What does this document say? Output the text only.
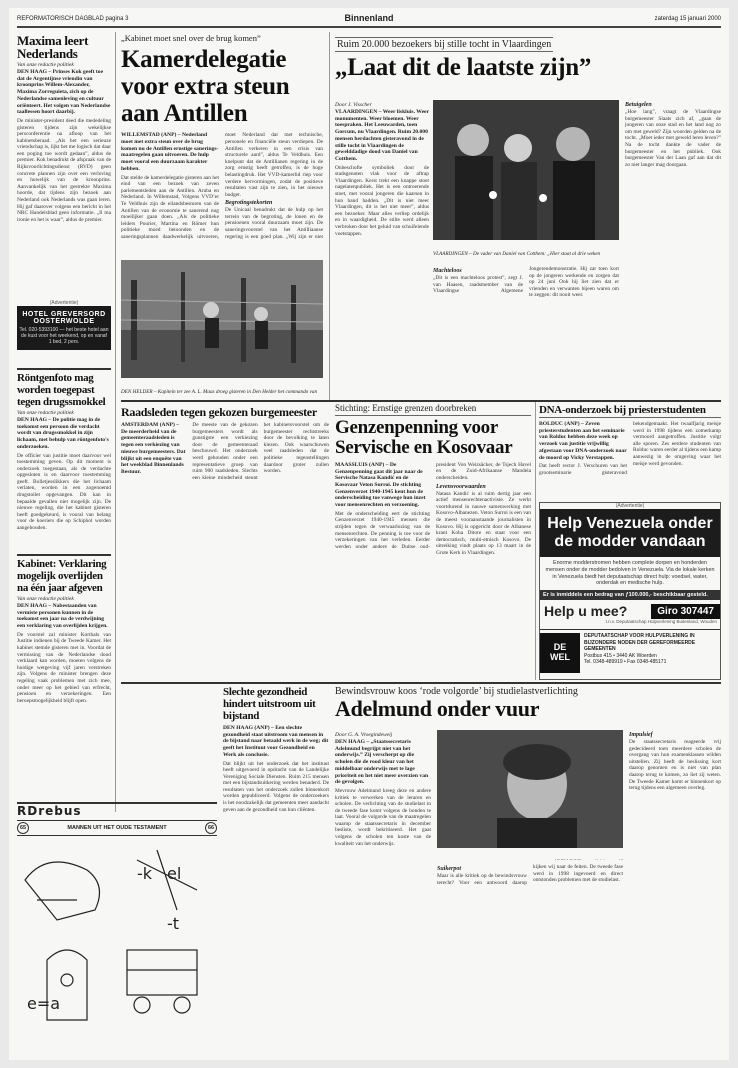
REFORMATORISCH DAGBLAD pagina 3	Binnenland	zaterdag 15 januari 2000
Maxima leert Nederlands
Van onze redactie politiek
DEN HAAG – Prinses Kok geeft toe dat de Argentijnse vriendin van kroonprins Willem-Alexander, Maxima Zorreguieta, zich op de Nederlandse samenleving en cultuur oriënteert. Het volgen van Nederlandse taallessen hoort daarbij.
De minister-president deed die mededeling gisteren tijdens zijn wekelijkse persconferentie na afloop van het kabinetsberaad. „Als het een serieuze vriendschap is, lijkt het me logisch dat daar een poging toe wordt gedaan”, aldus de premier. Kok benadrukt de afspraak van de Rijksvoorlichtingsdienst (RVD) geen concrete plannen zijn over een verloving en huwelijk van de kroonprins. Aanvankelijk van het gestrekte Maxima hoorde, dat tijdens zijn bezoek aan Nederland ook Nederlands was gaan leren. Hij gaf daarover volgens een bericht in het NRC Handelsblad geen informatie. „Il ma ironie en het is waar”, aldus de premier.
(Advertentie)
HOTEL GREVERSORD OOSTERWOLDE
Tel. 020-5393100 — het beste hotel aan de kust voor het weekend, op en vanaf 1 bed, 2 pers.
Röntgenfoto mag worden toegepast tegen drugssmokkel
Van onze redactie politiek
DEN HAAG – De politie mag in de toekomst een persoon die verdacht wordt van drugssmokkel in zijn lichaam, met behulp van röntgenfoto's onderzoeken.
De officier van justitie moet daarvoor wel toestemming geven. Op dit moment is onderzoek toegestaan, als de verdachte opgesloten is en daarvoor toestemming geeft. Bolletjesslikkers die het lichaam verlaten, worden in een zogenoemd drugstoilet opgevangen. Dit kan in bepaalde gevallen niet mogelijk zijn. De nieuwe regeling, die het kabinet gisteren heeft goedgekeurd, is vooral van belang voor de koeriers die op Schiphol worden aangehouden.
Kabinet: Verklaring mogelijk overlijden na één jaar afgeven
Van onze redactie politiek
DEN HAAG – Nabestaanden van vermiste personen kunnen in de toekomst een jaar na de verdwijning een verklaring van overlijden krijgen.
De voorstel zal minister Korthals van Justitie indienen bij de Tweede Kamer. Het kabinet stemde gisteren met in. Voordat de vermissing van de Nederlandse dood verklaard kan worden, moeten volgens de huidige wetgeving vijf jaren verstreken zijn. Volgens de minister brengen deze regeling vaak problemen met zich mee, onder meer op het gebied van erfrecht, pensioen en verzekeringen. Een beroepsmogelijkheid blijft open.
„Kabinet moet snel over de brug komen”
Kamerdelegatie voor extra steun aan Antillen
WILLEMSTAD (ANP) – Nederland moet met extra steun over de brug komen nu de Antillen ernstige saneringsmaatregelen gaan uitvoeren. De hulp moet vooral een duurzaam karakter hebben.
Dat stelde de kamerdelegatie gisteren aan het eind van een bezoek van zeven parlementsleden aan de Antillen. Aruba en Nederland. In Willemstad, Volgens VVD’er Te Veldhuis zijn de eilandsbesturen van de Antillen van de economie te sanerend nog moeilijker gaan doen. „Als de politieke leiders Pourier, Martina en Römer hun politieke moed betoonden en de saneringsplannen daadwerkelijk uitvoeren, moet Nederland dat met technische, personele en financiële steun verdiepen. De Antillen verkeren in een crisis van structurele aard”, aldus Te Veldhuis. Een knelpunt dat de Antillianen regering in de zorg ernstig heeft getroffen, is de hoge belastingdruk. Het VVD-kamerlid riep voor verdere hervormingen, zodat de positieve resultaten vast zijn te zien, in het nieuwe budget.
Begrotingstekorten
De Unicaal benadrukt dat de hulp op het terrein van de begroting, de lonen en de pensioenen vooral duurzaam moet zijn. De saneringsvoorstel van het Antilliaanse regering is een goed plan. „Wij zijn er niet
DEN HELDER – Kapitein ter zee A. L. Maas droeg gisteren in Den Helder het commando van
Ruim 20.000 bezoekers bij stille tocht in Vlaardingen
„Laat dit de laatste zijn”
Door J. Visscher
VLAARDINGEN – Weer liskluis. Weer monumenten. Weer bloemen. Weer toespraken. Het Leeuwarden, toen Gorcum, nu Vlaardingen. Ruim 20.000 mensen herdachten gisteravond in de stille tocht in Vlaardingen de gewelddadige dood van Daniel van Cotthem.
Onbeschofte symboliek door de stadsgenoten vlak voor de aftrap Vlaardingen. Kerst trekt een knappe stoet nagelatenpubliek. Het is een ontroerende stoet, met vooral jongeren die kaarsen in hun hand hadden. „Dit is niet meer Vlaardingen, dit is het niet meer”, aldus een bezoeker. Maar alles verliep ordelijk en in waardigheid. De stilte werd alleen verbroken door het geluid van schuifelende voetstappen.
VLAARDINGEN – De vader van Daniel van Cotthem: „Hier staat al drie weken
Machteloos
„Dit is een machteloos protest”, zegt J. van Haasen, raadsmember van de Vlaardingse Algemene Jongerendemonstratie. Hij zat toen kort op de jongeren werkende en zorgen dat op 24 juni Ook hij liet zien dat er vrienden en verwanten bijeen waren om te zeggen: dit nooit weer.
Betuigelen
„Hoe lang”, vraagt de Vlaardingse burgemeester Slaats zich af, „gaan de jongeren van onze stad en het land nog zo om met geweld? Zijn woorden gelden na de tocht. „Moet ieder met geweld leren leven?” Na de tocht dankte de vader de burgemeester en het publiek. Ook burgemeester Van der Laan gaf aan dat dit zo niet langer mag doorgaan.
Stichting: Ernstige grenzen doorbreken
Genzenpenning voor Servische en Kosovaar
MAASSLUIS (ANP) – De Genzenpenning gaat dit jaar naar de Servische Natasa Kandić en de Kosovaar Veton Surroi. De stichting Genzenverzet 1940-1945 kent hun de onderscheiding toe vanwege hun inzet voor mensenrechten en verzoening.
Met de onderscheiding eert de stichting Genzenverzet 1940-1945 mensen die strijden tegen de verwaarlozing van de mensenrechten. De penning is toe voor de verzekeringen van het verleden. Eerder werden onder andere de Duitse oud-president Von Weizsäcker, de Tsjech Havel en de Zuid-Afrikaanse Mandela onderscheiden.
Levensvoorwaarden
Natasa Kandić is al ruim dertig jaar een actief mensenrechtenactiviste. Ze werkt voortdurend in nauwe samenwerking met Kosovo-Albanezen. Veton Surroi is een van de meest vooraanstaande journalisten in Kosovo. Hij is opgericht door de Albanese krant Koha Ditore en staat voor een democratisch, multi-etnisch Kosovo. De uitreiking vindt plaats op 13 maart in de Grote Kerk in Vlaardingen.
DNA-onderzoek bij priesterstudenten
BOLDUC (ANP) – Zeven priesterstudenten aan het seminarie van Rolduc hebben deze week op verzoek van justitie vrijwillig afgestaan voor DNA-onderzoek naar de moord op Vicky Verstappen.
Dat heeft rector J. Verschuren van het grootseminarie gisteravond bekendgemaakt. Het twaalfjarig meisje werd in 1998 tijdens een zomerkamp vermoord aangetroffen. Justitie volgt alle sporen. Zes eerdere studenten van Rolduc waren eerder al tijdens een kamp aanwezig in de omgeving waar het meisje werd gevonden.
(Advertentie)
Help Venezuela onder de modder vandaan
Enorme modderstromen hebben complete dorpen en honderden mensen onder de modder bedolven in Venezuela. Via de lokale kerken in Venezuela biedt het deputaatschap direct hulp: voedsel, water, onderdak en medische hulp.
Er is inmiddels een bedrag van ƒ100.000,- beschikbaar gesteld.
Help u mee?	Giro 307447
t.n.v. Deputaatschap Hulpverlening Buitenland, Wouden
DE
WEL
DEPUTAATSCHAP VOOR HULPVERLENING IN BIJZONDERE NODEN DER GEREFORMEERDE GEMEENTEN
Postbus 415 • 3440 AK Woerden
Tel. 0348-489919 • Fax 0348-485171
Raadsleden tegen gekozen burgemeester
AMSTERDAM (ANP) – De meerderheid van de gemeenteraadsleden is tegen een verkiezing van nieuwe burgemeesters. Dat blijkt uit een enquête van het weekblad Binnenlands Bestuur.
De meeste van de gekozen burgemeesters wordt als gunstigste een verkiezing door de gemeenteraad beschouwd. Het onderzoek werd gehouden onder een representatieve groep van ruim 900 raadsleden. Slechts een kleine minderheid steunt het kabinetsvoorstel om de burgemeester rechtstreeks door de bevolking te laten kiezen. Ook waarschuwen veel raadsleden dat de politieke tegenstellingen daardoor groter zullen worden.
RDrebus
65	MANNEN UIT HET OUDE TESTAMENT	66
e=a
-t
-k el
Slechte gezondheid hindert uitstroom uit bijstand
DEN HAAG (ANP) – Een slechte gezondheid staat uitstroom van mensen in de bijstand naar betaald werk in de weg; dit geeft het Instituut voor Gezondheid en Werk als conclusie.
Dat blijkt uit het onderzoek dat het instituut heeft uitgevoerd in opdracht van de Landelijke Vereniging Sociale Diensten. Ruim 215 mensen met een bijstandsuitkering werden benaderd. De resultaten van het onderzoek zullen binnenkort worden gepubliceerd. Volgens de onderzoekers is het noodzakelijk dat gemeenten meer aandacht geven aan de gezondheid van hun cliënten.
Bewindsvrouw koos ‘rode volgorde’ bij studielastverlichting
Adelmund onder vuur
Door G. A. Vroegindeweij
DEN HAAG – „Staatssecretaris Adelmund begrijpt niet van het onderwijs.” Zij verscherpt op die scholen die de rood kleur van het middelbaar onderwijs met te lage prioriteit en het niet meer overzien van de gevolgen.
Mevrouw Adelmund kreeg deze en andere kritiek te verwerken van de leraren en scholen. De verlichting van de studielast in de tweede fase komt volgens de bonden te laat. Vooral de volgorde van de maatregelen waarop de staatssecretaris in december besliste, wordt bekritiseerd. Het gaat volgens de scholen ten koste van de kwaliteit van het onderwijs.
Suikerpot
Maar is alle kritiek op de bewindsvrouw terecht? Voor een antwoord daarop kijken wij naar de feiten. De tweede fase werd in 1998 ingevoerd en direct ontstonden problemen met de studielast.
Impulsief
De staatssecretaris reageerde vrij gedecideerd toen meerdere scholen de overgang van hun examenklassen wilden uitstellen. Zij heeft de beslissing kort daarop genomen en is niet van plan daarop terug te komen, zo liet zij weten. De Tweede Kamer komt er binnenkort op terug tijdens een algemeen overleg.
